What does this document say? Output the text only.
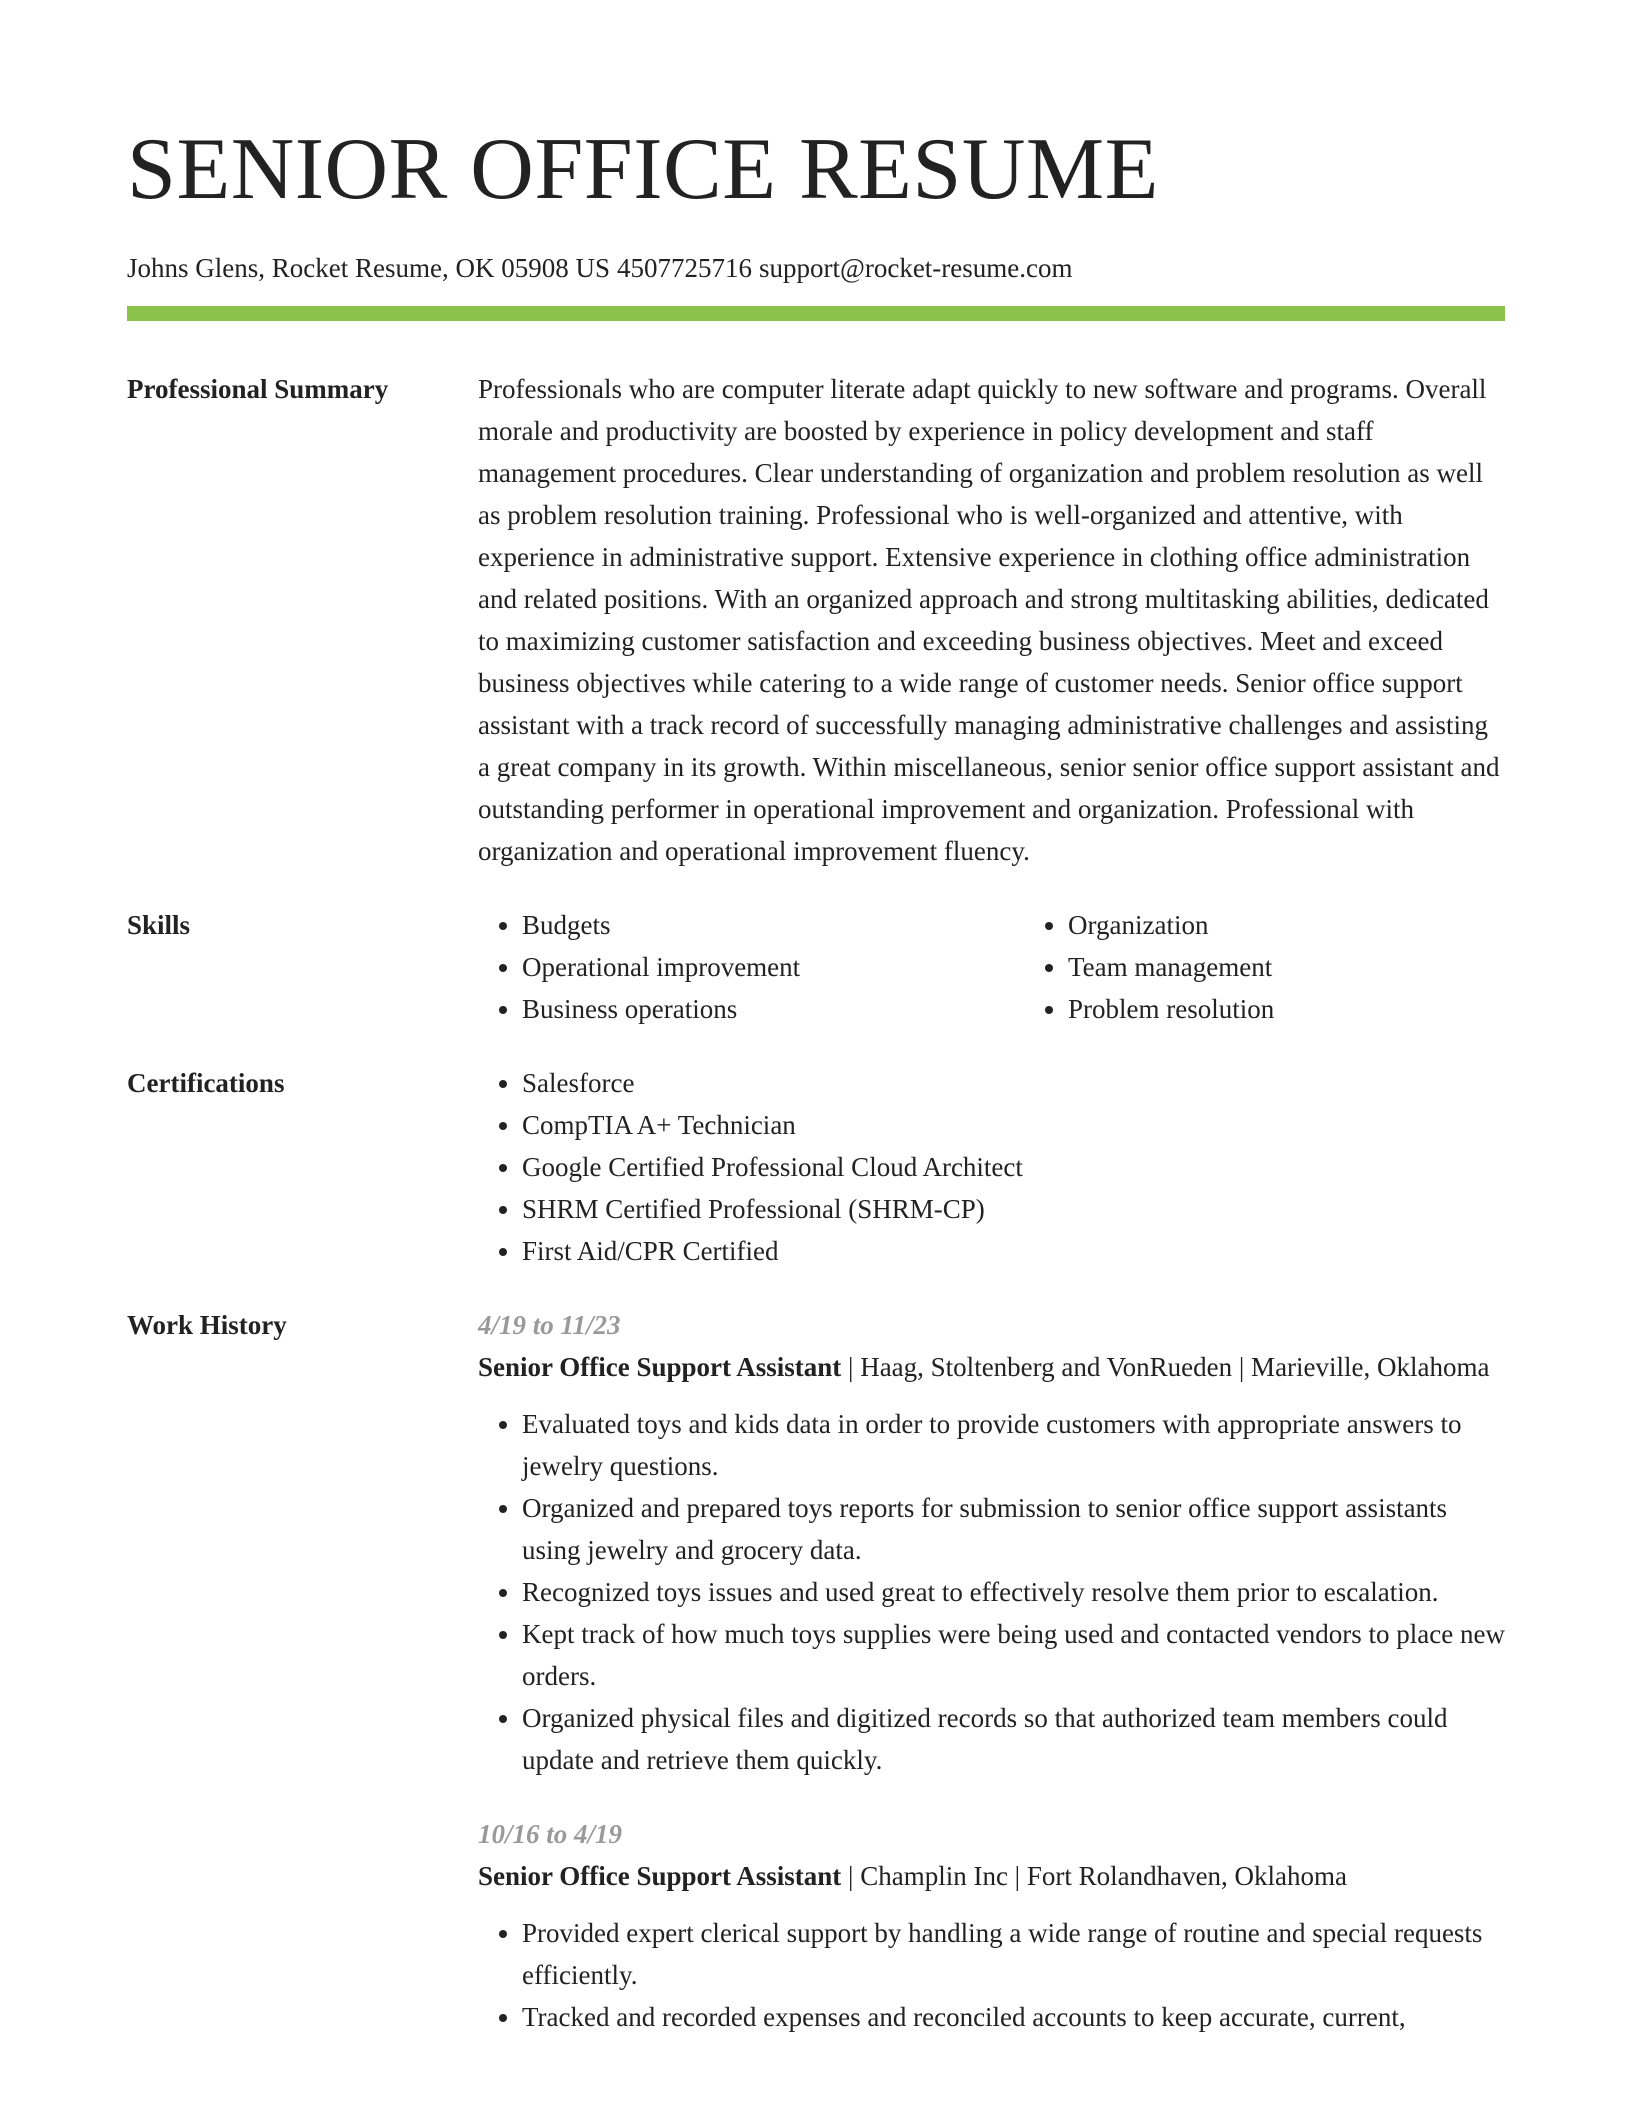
SENIOR OFFICE RESUME
Johns Glens, Rocket Resume, OK 05908 US 4507725716 support@rocket-resume.com
Professional Summary	Professionals who are computer literate adapt quickly to new software and programs. Overall morale and productivity are boosted by experience in policy development and staff management procedures. Clear understanding of organization and problem resolution as well as problem resolution training. Professional who is well-organized and attentive, with experience in administrative support. Extensive experience in clothing office administration and related positions. With an organized approach and strong multitasking abilities, dedicated to maximizing customer satisfaction and exceeding business objectives. Meet and exceed business objectives while catering to a wide range of customer needs. Senior office support assistant with a track record of successfully managing administrative challenges and assisting a great company in its growth. Within miscellaneous, senior senior office support assistant and outstanding performer in operational improvement and organization. Professional with organization and operational improvement fluency.

Skills	• Budgets
• Operational improvement
• Business operations
• Organization
• Team management
• Problem resolution
Certifications	• Salesforce
• CompTIA A+ Technician
• Google Certified Professional Cloud Architect
• SHRM Certified Professional (SHRM-CP)
• First Aid/CPR Certified
Work History	4/19 to 11/23
Senior Office Support Assistant | Haag, Stoltenberg and VonRueden | Marieville, Oklahoma
• Evaluated toys and kids data in order to provide customers with appropriate answers to jewelry questions.
• Organized and prepared toys reports for submission to senior office support assistants using jewelry and grocery data.
• Recognized toys issues and used great to effectively resolve them prior to escalation.
• Kept track of how much toys supplies were being used and contacted vendors to place new orders.
• Organized physical files and digitized records so that authorized team members could update and retrieve them quickly.
10/16 to 4/19
Senior Office Support Assistant | Champlin Inc | Fort Rolandhaven, Oklahoma
• Provided expert clerical support by handling a wide range of routine and special requests efficiently.
• Tracked and recorded expenses and reconciled accounts to keep accurate, current,
